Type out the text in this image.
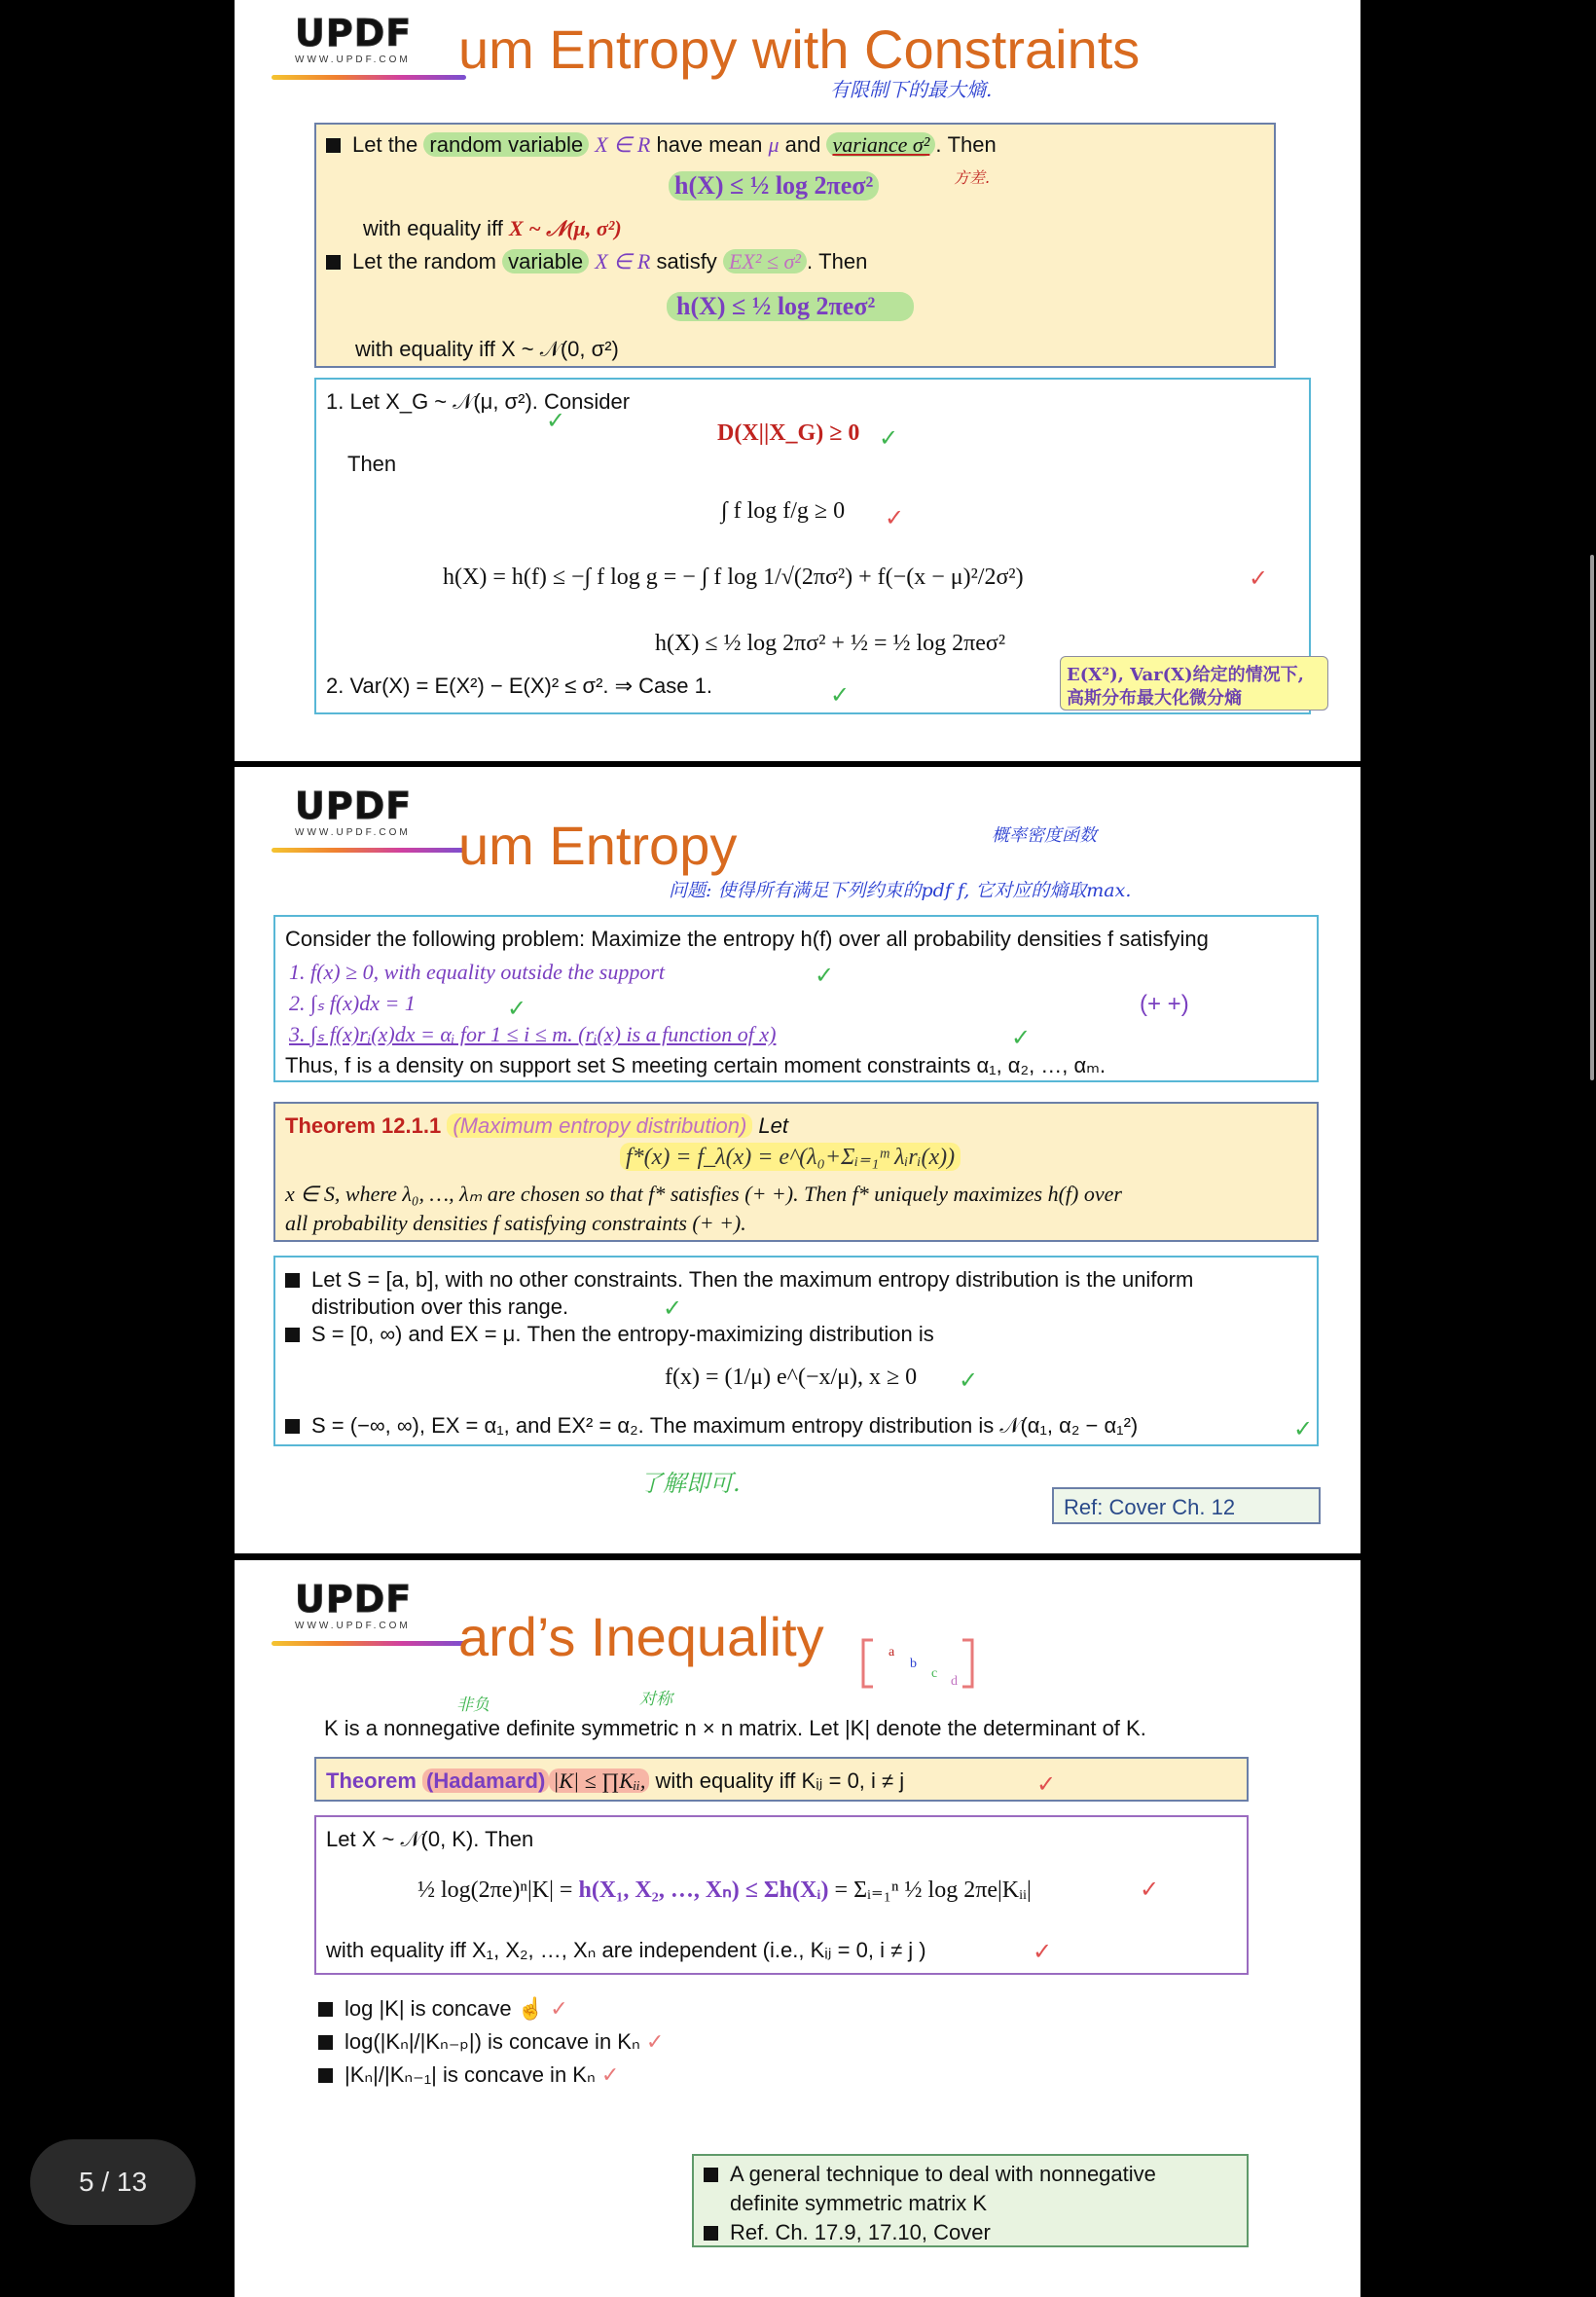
UPDF
WWW.UPDF.COM um Entropy with Constraints
有限制下的最大熵.
Let the random variable X ∈ R have mean μ and variance σ² . Then
方差.
h(X) ≤ ½ log 2πeσ²
with equality iff X ~ 𝒩(μ, σ²)
Let the random variable X ∈ R satisfy EX² ≤ σ² . Then
h(X) ≤ ½ log 2πeσ²
with equality iff X ~ 𝒩(0, σ²)
1. Let X_G ~ 𝒩(μ, σ²). Consider
✓	D(X||X_G) ≥ 0 ✓
Then
∫ f log f/g ≥ 0 ✓
h(X) = h(f) ≤ −∫ f log g = − ∫ f log 1/√(2πσ²) + f(−(x − μ)²/2σ²)	✓
h(X) ≤ ½ log 2πσ² + ½ = ½ log 2πeσ²
2. Var(X) = E(X²) − E(X)² ≤ σ². ⇒ Case 1.	✓
E(X²), Var(X)给定的情况下,
高斯分布最大化微分熵
UPDF
WWW.UPDF.COM um Entropy	概率密度函数
问题: 使得所有满足下列约束的pdf f, 它对应的熵取max.
Consider the following problem: Maximize the entropy h(f) over all probability densities f satisfying
1. f(x) ≥ 0, with equality outside the support	✓
2. ∫ₛ f(x)dx = 1	✓	(+ +)
3. ∫ₛ f(x)rᵢ(x)dx = αᵢ for 1 ≤ i ≤ m. (rᵢ(x) is a function of x)	✓
Thus, f is a density on support set S meeting certain moment constraints α₁, α₂, …, αₘ.
Theorem 12.1.1 (Maximum entropy distribution) Let
f*(x) = f_λ(x) = e^(λ₀+Σᵢ₌₁ᵐ λᵢrᵢ(x))
x ∈ S, where λ₀, …, λₘ are chosen so that f* satisfies (+ +). Then f* uniquely maximizes h(f) over
all probability densities f satisfying constraints (+ +).
Let S = [a, b], with no other constraints. Then the maximum entropy distribution is the uniform
distribution over this range.	✓
S = [0, ∞) and EX = μ. Then the entropy-maximizing distribution is
f(x) = (1/μ) e^(−x/μ), x ≥ 0 ✓
S = (−∞, ∞), EX = α₁, and EX² = α₂. The maximum entropy distribution is 𝒩(α₁, α₂ − α₁²)	✓
了解即可.
Ref: Cover Ch. 12
UPDF
WWW.UPDF.COM ard’s Inequality	a
b
c
d
非负	对称
K is a nonnegative definite symmetric n × n matrix. Let |K| denote the determinant of K.
Theorem (Hadamard) |K| ≤ ∏Kᵢᵢ, with equality iff Kᵢⱼ = 0, i ≠ j	✓
Let X ~ 𝒩(0, K). Then
½ log(2πe)ⁿ|K| = h(X₁, X₂, …, Xₙ) ≤ Σh(Xᵢ) = Σᵢ₌₁ⁿ ½ log 2πe|Kᵢᵢ|	✓
with equality iff X₁, X₂, …, Xₙ are independent (i.e., Kᵢⱼ = 0, i ≠ j )	✓
log |K| is concave ☝ ✓
log(|Kₙ|/|Kₙ₋ₚ|) is concave in Kₙ ✓
|Kₙ|/|Kₙ₋₁| is concave in Kₙ ✓
A general technique to deal with nonnegative
definite symmetric matrix K
Ref. Ch. 17.9, 17.10, Cover
5 / 13
